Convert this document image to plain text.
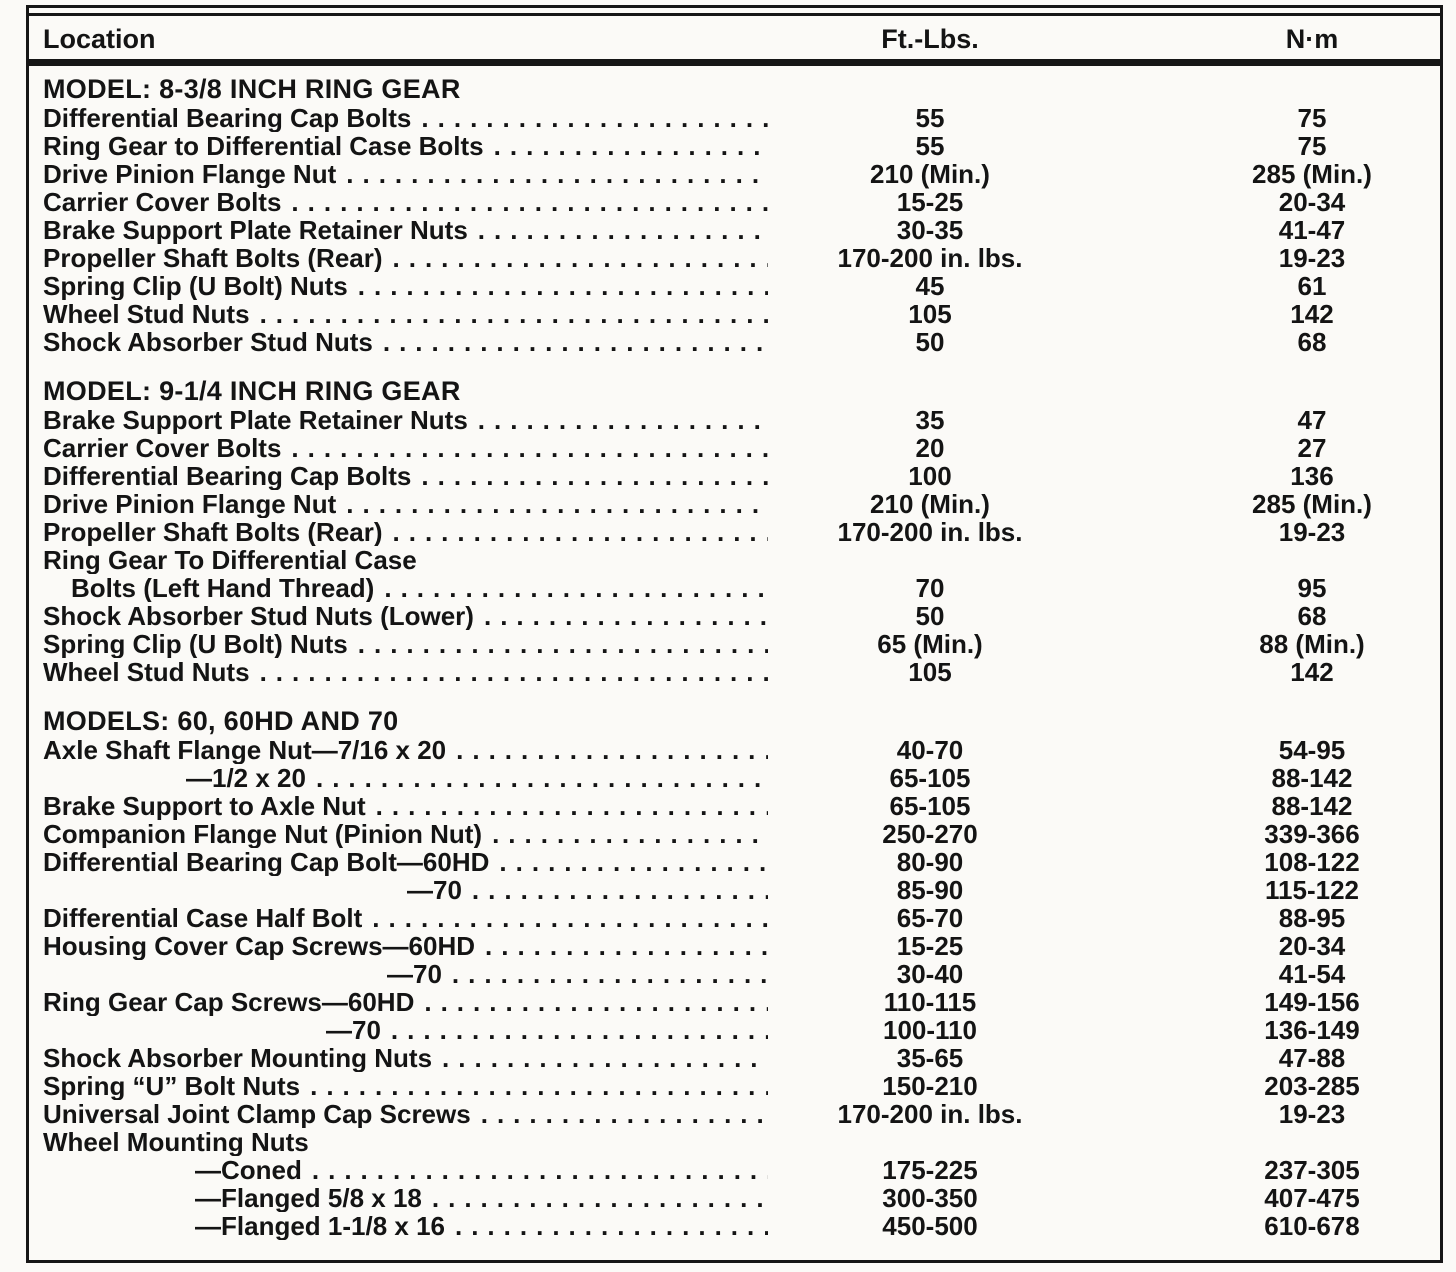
Location	Ft.-Lbs.	N·m
MODEL: 8-3/8 INCH RING GEAR
Differential Bearing Cap Bolts .....	55	75
Ring Gear to Differential Case Bolts .....	55	75
Drive Pinion Flange Nut .....	210 (Min.)	285 (Min.)
Carrier Cover Bolts .....	15-25	20-34
Brake Support Plate Retainer Nuts .....	30-35	41-47
Propeller Shaft Bolts (Rear) .....	170-200 in. lbs.	19-23
Spring Clip (U Bolt) Nuts .....	45	61
Wheel Stud Nuts .....	105	142
Shock Absorber Stud Nuts .....	50	68
MODEL: 9-1/4 INCH RING GEAR
Brake Support Plate Retainer Nuts .....	35	47
Carrier Cover Bolts .....	20	27
Differential Bearing Cap Bolts .....	100	136
Drive Pinion Flange Nut .....	210 (Min.)	285 (Min.)
Propeller Shaft Bolts (Rear) .....	170-200 in. lbs.	19-23
Ring Gear To Differential Case
Bolts (Left Hand Thread) .....	70	95
Shock Absorber Stud Nuts (Lower) .....	50	68
Spring Clip (U Bolt) Nuts .....	65 (Min.)	88 (Min.)
Wheel Stud Nuts .....	105	142
MODELS: 60, 60HD AND 70
Axle Shaft Flange Nut—7/16 x 20 .....	40-70	54-95
—1/2 x 20 .....	65-105	88-142
Brake Support to Axle Nut .....	65-105	88-142
Companion Flange Nut (Pinion Nut) .....	250-270	339-366
Differential Bearing Cap Bolt—60HD .....	80-90	108-122
—70 .....	85-90	115-122
Differential Case Half Bolt .....	65-70	88-95
Housing Cover Cap Screws—60HD .....	15-25	20-34
—70 .....	30-40	41-54
Ring Gear Cap Screws—60HD .....	110-115	149-156
—70 .....	100-110	136-149
Shock Absorber Mounting Nuts .....	35-65	47-88
Spring “U” Bolt Nuts .....	150-210	203-285
Universal Joint Clamp Cap Screws .....	170-200 in. lbs.	19-23
Wheel Mounting Nuts
—Coned .....	175-225	237-305
—Flanged 5/8 x 18 .....	300-350	407-475
—Flanged 1-1/8 x 16 .....	450-500	610-678
